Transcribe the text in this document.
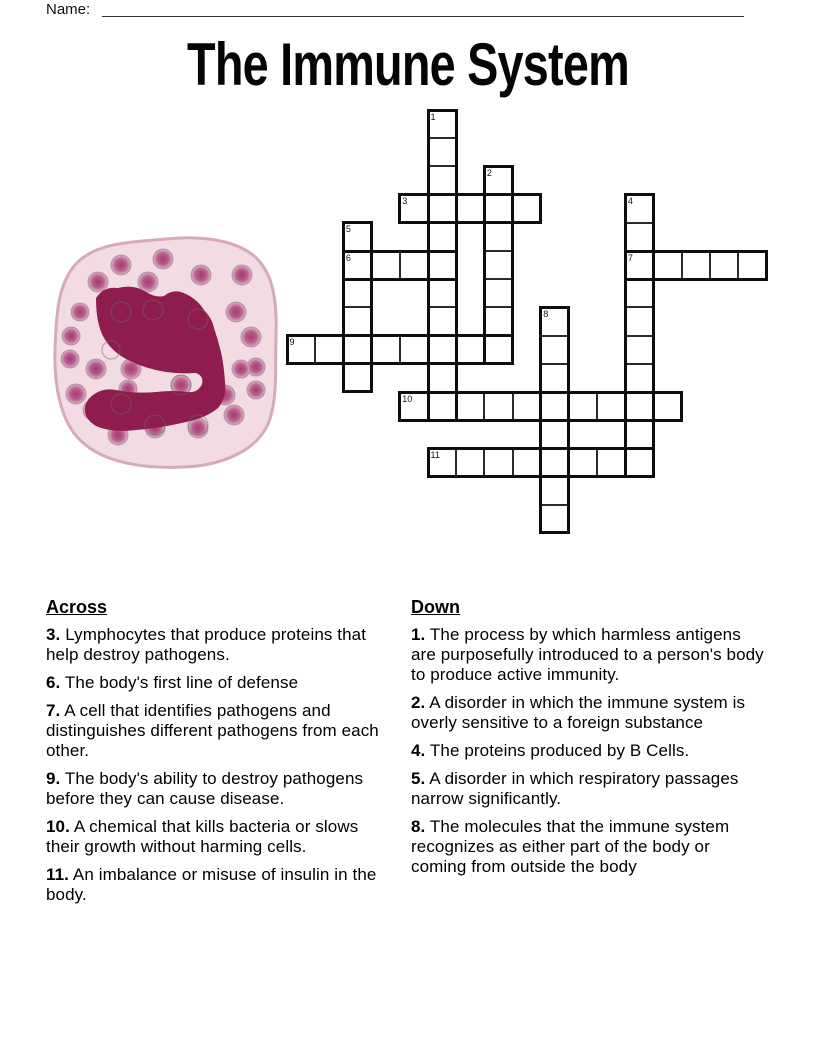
Name:
The Immune System
1
2
3	4
5
6	7
8
9
10
11

Across

3. Lymphocytes that produce proteins that help destroy pathogens.

6. The body's first line of defense

7. A cell that identifies pathogens and distinguishes different pathogens from each other.

9. The body's ability to destroy pathogens before they can cause disease.

10. A chemical that kills bacteria or slows their growth without harming cells.

11. An imbalance or misuse of insulin in the body.

Down

1. The process by which harmless antigens are purposefully introduced to a person's body to produce active immunity.

2. A disorder in which the immune system is overly sensitive to a foreign substance

4. The proteins produced by B Cells.

5. A disorder in which respiratory passages narrow significantly.

8. The molecules that the immune system recognizes as either part of the body or coming from outside the body
